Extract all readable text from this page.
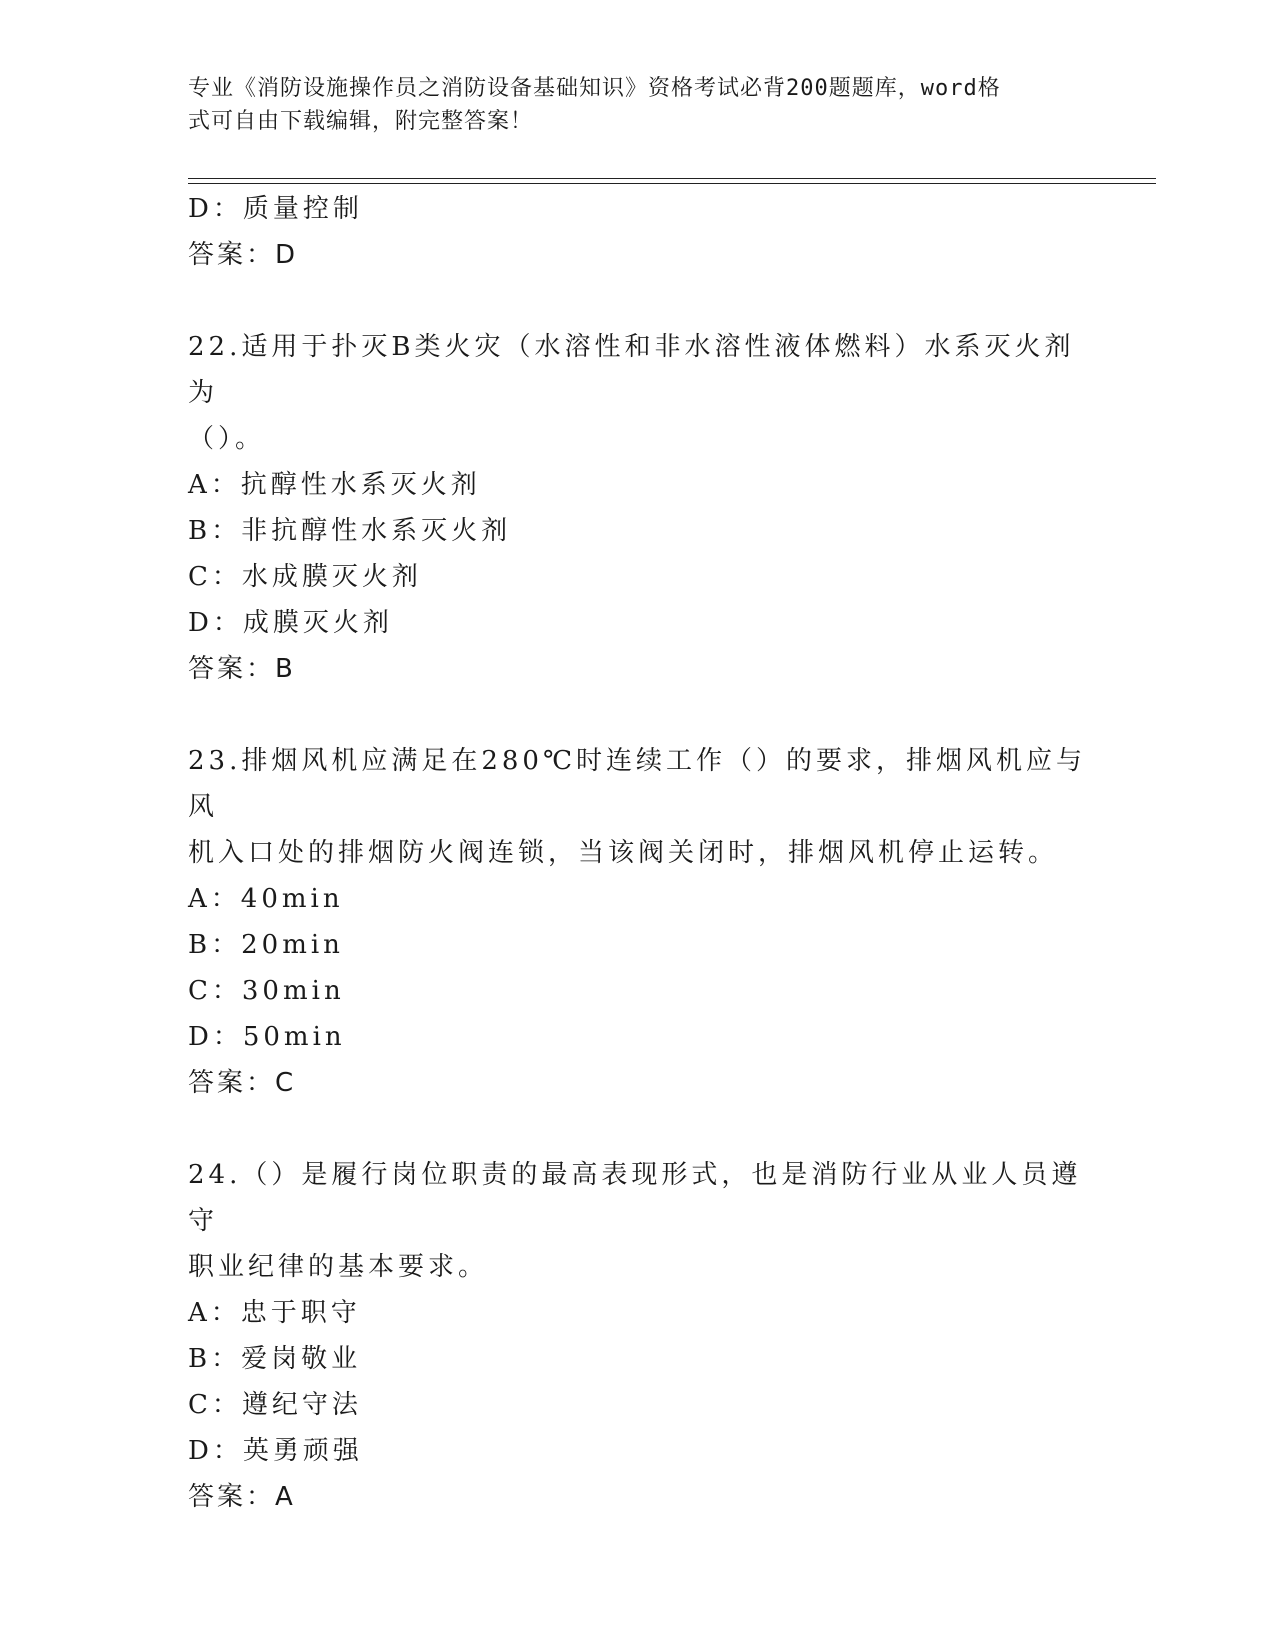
专业《消防设施操作员之消防设备基础知识》资格考试必背200题题库，word格
式可自由下载编辑，附完整答案！
D：质量控制
答案：D
22.适用于扑灭B类火灾（水溶性和非水溶性液体燃料）水系灭火剂为
（）。
A：抗醇性水系灭火剂
B：非抗醇性水系灭火剂
C：水成膜灭火剂
D：成膜灭火剂
答案：B
23.排烟风机应满足在280℃时连续工作（）的要求，排烟风机应与风
机入口处的排烟防火阀连锁，当该阀关闭时，排烟风机停止运转。
A：40min
B：20min
C：30min
D：50min
答案：C
24.（）是履行岗位职责的最高表现形式，也是消防行业从业人员遵守
职业纪律的基本要求。
A：忠于职守
B：爱岗敬业
C：遵纪守法
D：英勇顽强
答案：A
